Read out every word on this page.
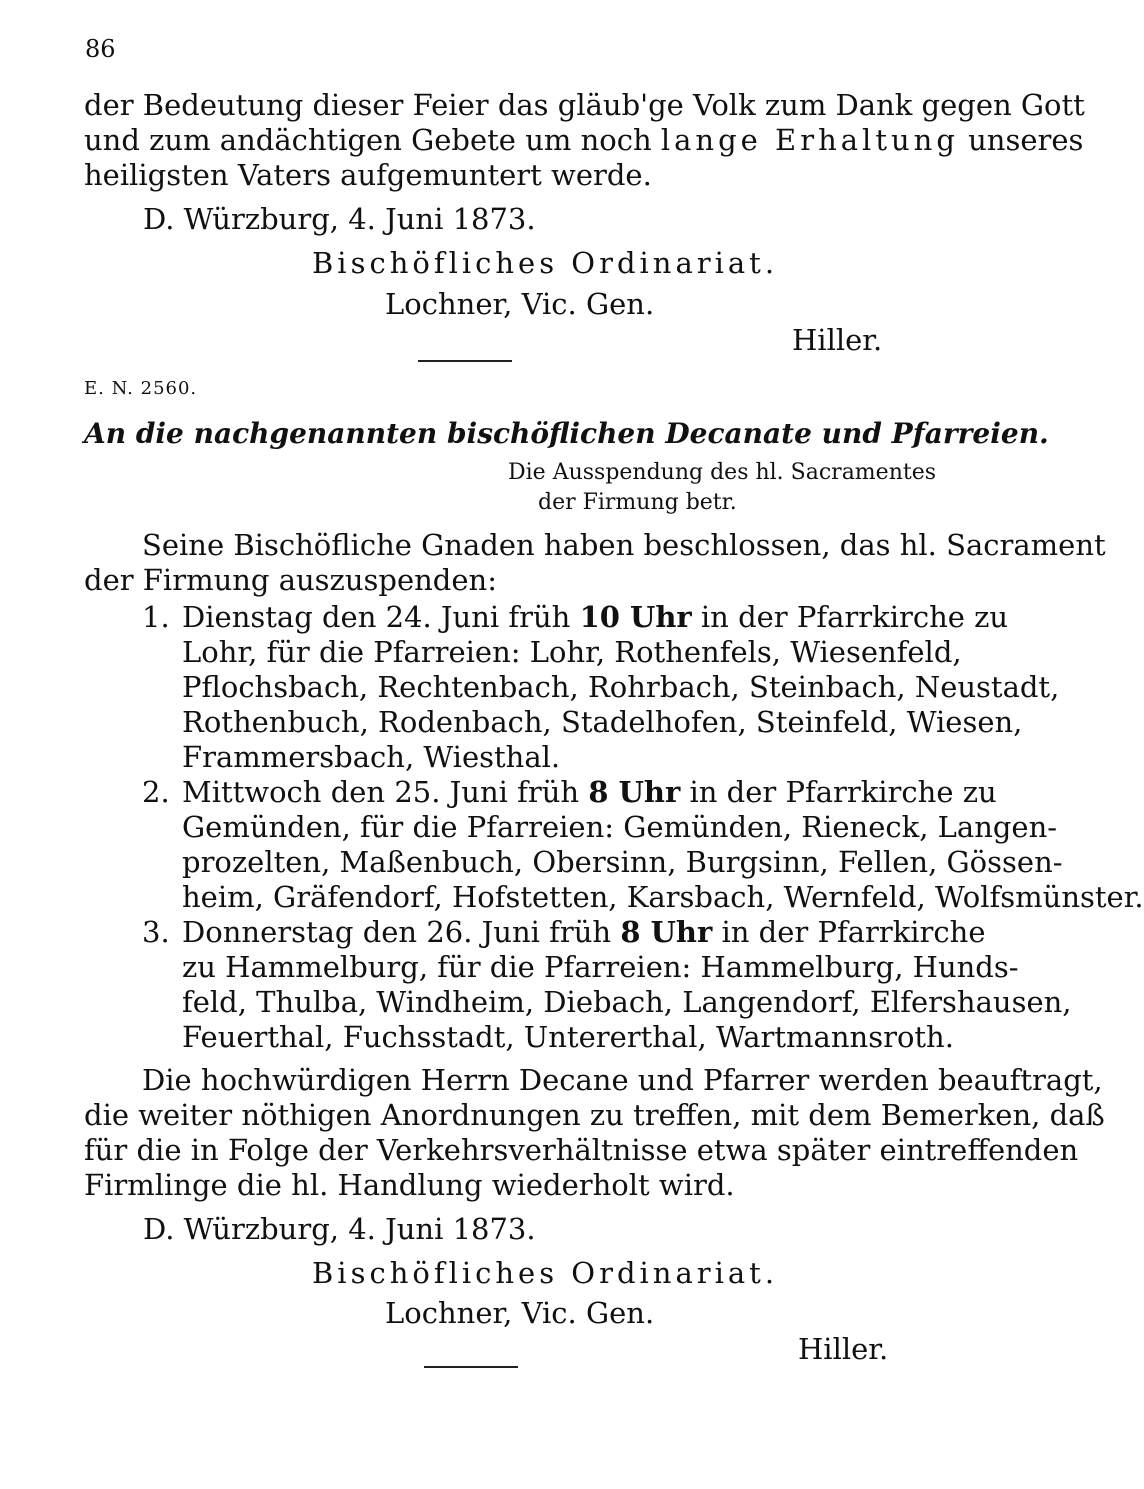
86
der Bedeutung dieser Feier das gläub'ge Volk zum Dank gegen Gott
und zum andächtigen Gebete um noch lange Erhaltung unseres
heiligsten Vaters aufgemuntert werde.
D. Würzburg, 4. Juni 1873.
Bischöfliches Ordinariat.
Lochner, Vic. Gen.
Hiller.
E. N. 2560.
An die nachgenannten bischöflichen Decanate und Pfarreien.
Die Ausspendung des hl. Sacramentes
der Firmung betr.
Seine Bischöfliche Gnaden haben beschlossen, das hl. Sacrament
der Firmung auszuspenden:
1. Dienstag den 24. Juni früh 10 Uhr in der Pfarrkirche zu
Lohr, für die Pfarreien: Lohr, Rothenfels, Wiesenfeld,
Pflochsbach, Rechtenbach, Rohrbach, Steinbach, Neustadt,
Rothenbuch, Rodenbach, Stadelhofen, Steinfeld, Wiesen,
Frammersbach, Wiesthal.
2. Mittwoch den 25. Juni früh 8 Uhr in der Pfarrkirche zu
Gemünden, für die Pfarreien: Gemünden, Rieneck, Langen-
prozelten, Maßenbuch, Obersinn, Burgsinn, Fellen, Gössen-
heim, Gräfendorf, Hofstetten, Karsbach, Wernfeld, Wolfsmünster.
3. Donnerstag den 26. Juni früh 8 Uhr in der Pfarrkirche
zu Hammelburg, für die Pfarreien: Hammelburg, Hunds-
feld, Thulba, Windheim, Diebach, Langendorf, Elfershausen,
Feuerthal, Fuchsstadt, Untererthal, Wartmannsroth.
Die hochwürdigen Herrn Decane und Pfarrer werden beauftragt,
die weiter nöthigen Anordnungen zu treffen, mit dem Bemerken, daß
für die in Folge der Verkehrsverhältnisse etwa später eintreffenden
Firmlinge die hl. Handlung wiederholt wird.
D. Würzburg, 4. Juni 1873.
Bischöfliches Ordinariat.
Lochner, Vic. Gen.
Hiller.
